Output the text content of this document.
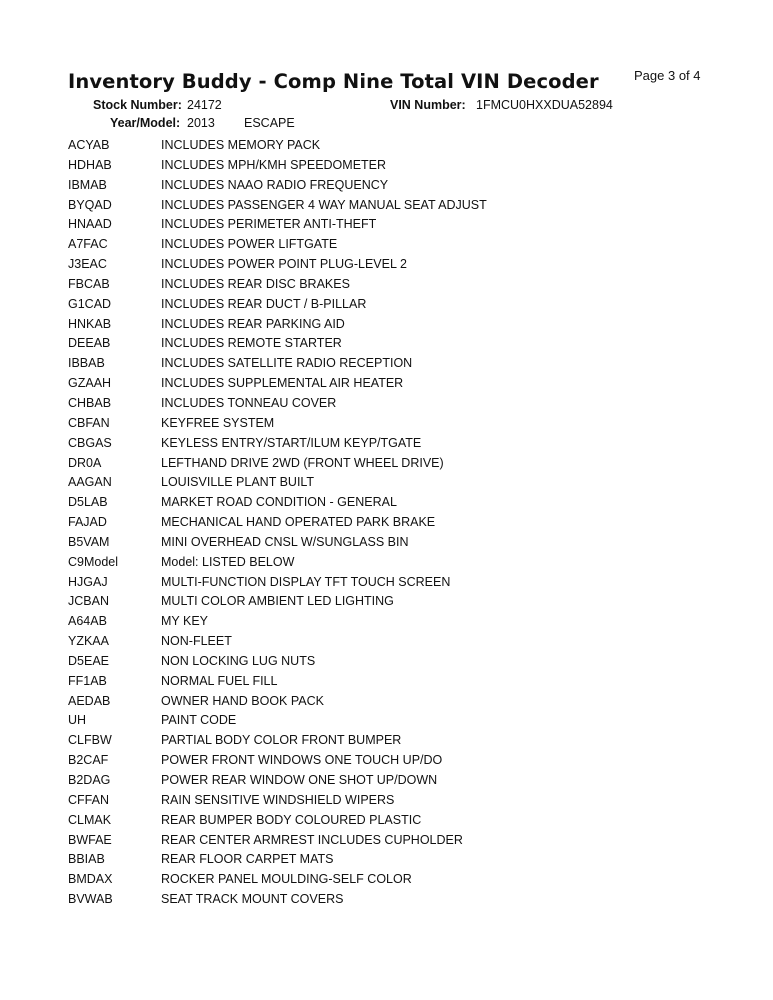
Inventory Buddy - Comp Nine Total VIN Decoder	Page 3 of 4
Stock Number: 24172	VIN Number: 1FMCU0HXXDUA52894
Year/Model: 2013 ESCAPE
ACYAB	INCLUDES MEMORY PACK
HDHAB	INCLUDES MPH/KMH SPEEDOMETER
IBMAB	INCLUDES NAAO RADIO FREQUENCY
BYQAD	INCLUDES PASSENGER 4 WAY MANUAL SEAT ADJUST
HNAAD	INCLUDES PERIMETER ANTI-THEFT
A7FAC	INCLUDES POWER LIFTGATE
J3EAC	INCLUDES POWER POINT PLUG-LEVEL 2
FBCAB	INCLUDES REAR DISC BRAKES
G1CAD	INCLUDES REAR DUCT / B-PILLAR
HNKAB	INCLUDES REAR PARKING AID
DEEAB	INCLUDES REMOTE STARTER
IBBAB	INCLUDES SATELLITE RADIO RECEPTION
GZAAH	INCLUDES SUPPLEMENTAL AIR HEATER
CHBAB	INCLUDES TONNEAU COVER
CBFAN	KEYFREE SYSTEM
CBGAS	KEYLESS ENTRY/START/ILUM KEYP/TGATE
DR0A	LEFTHAND DRIVE 2WD (FRONT WHEEL DRIVE)
AAGAN	LOUISVILLE PLANT BUILT
D5LAB	MARKET ROAD CONDITION - GENERAL
FAJAD	MECHANICAL HAND OPERATED PARK BRAKE
B5VAM	MINI OVERHEAD CNSL W/SUNGLASS BIN
C9Model	Model: LISTED BELOW
HJGAJ	MULTI-FUNCTION DISPLAY TFT TOUCH SCREEN
JCBAN	MULTI COLOR AMBIENT LED LIGHTING
A64AB	MY KEY
YZKAA	NON-FLEET
D5EAE	NON LOCKING LUG NUTS
FF1AB	NORMAL FUEL FILL
AEDAB	OWNER HAND BOOK PACK
UH	PAINT CODE
CLFBW	PARTIAL BODY COLOR FRONT BUMPER
B2CAF	POWER FRONT WINDOWS ONE TOUCH UP/DO
B2DAG	POWER REAR WINDOW ONE SHOT UP/DOWN
CFFAN	RAIN SENSITIVE WINDSHIELD WIPERS
CLMAK	REAR BUMPER BODY COLOURED PLASTIC
BWFAE	REAR CENTER ARMREST INCLUDES CUPHOLDER
BBIAB	REAR FLOOR CARPET MATS
BMDAX	ROCKER PANEL MOULDING-SELF COLOR
BVWAB	SEAT TRACK MOUNT COVERS
